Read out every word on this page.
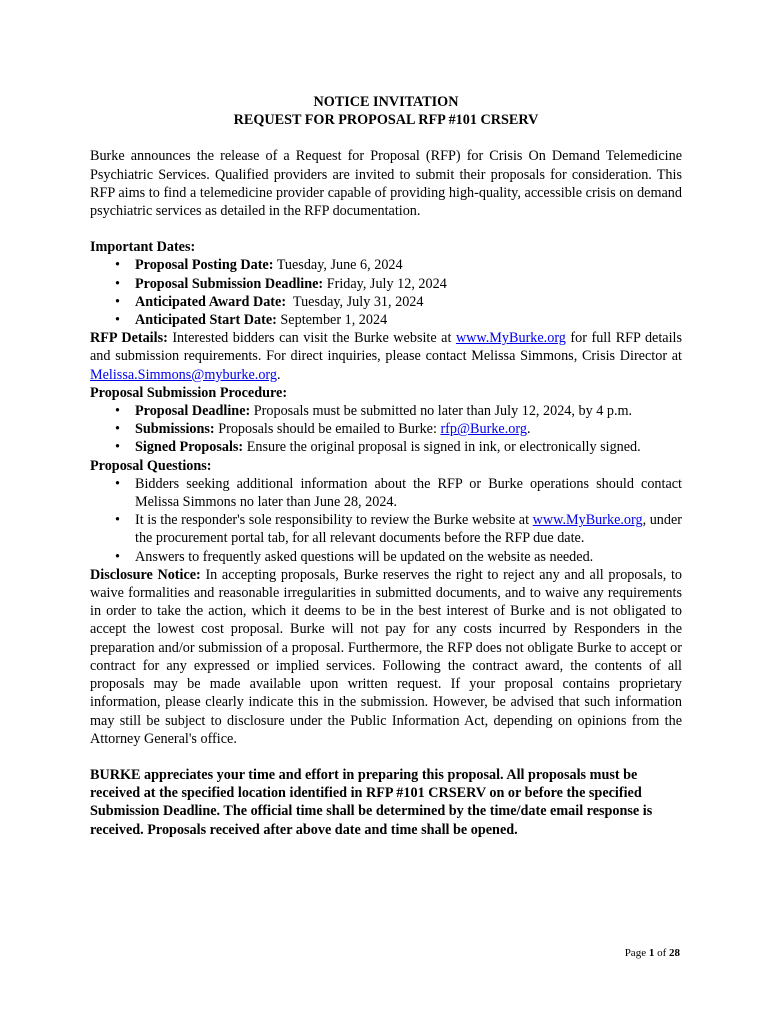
NOTICE INVITATION
REQUEST FOR PROPOSAL RFP #101 CRSERV

Burke announces the release of a Request for Proposal (RFP) for Crisis On Demand Telemedicine Psychiatric Services. Qualified providers are invited to submit their proposals for consideration. This RFP aims to find a telemedicine provider capable of providing high-quality, accessible crisis on demand psychiatric services as detailed in the RFP documentation.

Important Dates:

• Proposal Posting Date: Tuesday, June 6, 2024
• Proposal Submission Deadline: Friday, July 12, 2024
• Anticipated Award Date:  Tuesday, July 31, 2024
• Anticipated Start Date: September 1, 2024

RFP Details: Interested bidders can visit the Burke website at www.MyBurke.org for full RFP details and submission requirements. For direct inquiries, please contact Melissa Simmons, Crisis Director at Melissa.Simmons@myburke.org.

Proposal Submission Procedure:

• Proposal Deadline: Proposals must be submitted no later than July 12, 2024, by 4 p.m.
• Submissions: Proposals should be emailed to Burke: rfp@Burke.org.
• Signed Proposals: Ensure the original proposal is signed in ink, or electronically signed.

Proposal Questions:

• Bidders seeking additional information about the RFP or Burke operations should contact Melissa Simmons no later than June 28, 2024.
• It is the responder's sole responsibility to review the Burke website at www.MyBurke.org, under the procurement portal tab, for all relevant documents before the RFP due date.
• Answers to frequently asked questions will be updated on the website as needed.

Disclosure Notice: In accepting proposals, Burke reserves the right to reject any and all proposals, to waive formalities and reasonable irregularities in submitted documents, and to waive any requirements in order to take the action, which it deems to be in the best interest of Burke and is not obligated to accept the lowest cost proposal. Burke will not pay for any costs incurred by Responders in the preparation and/or submission of a proposal. Furthermore, the RFP does not obligate Burke to accept or contract for any expressed or implied services. Following the contract award, the contents of all proposals may be made available upon written request. If your proposal contains proprietary information, please clearly indicate this in the submission. However, be advised that such information may still be subject to disclosure under the Public Information Act, depending on opinions from the Attorney General's office.

BURKE appreciates your time and effort in preparing this proposal. All proposals must be received at the specified location identified in RFP #101 CRSERV on or before the specified Submission Deadline. The official time shall be determined by the time/date email response is received. Proposals received after above date and time shall be opened.

Page 1 of 28
